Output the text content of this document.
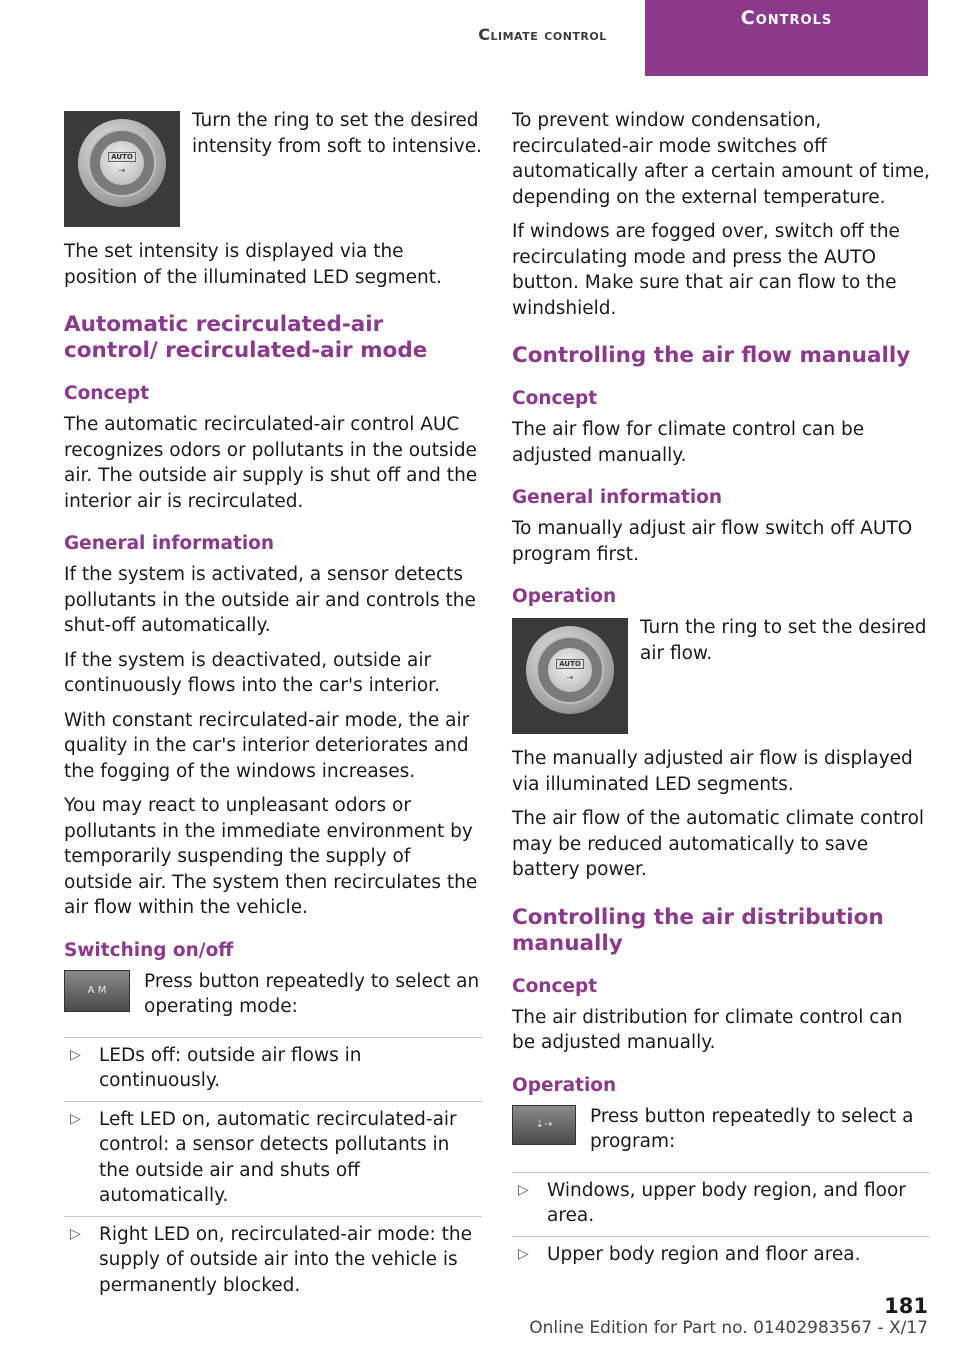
Climate control
Controls
AUTO
⇢

Turn the ring to set the desired intensity from soft to intensive.

The set intensity is displayed via the position of the illuminated LED segment.

Automatic recirculated-air control/ recirculated-air mode
Concept

The automatic recirculated-air control AUC recognizes odors or pollutants in the outside air. The outside air supply is shut off and the interior air is recirculated.

General information

If the system is activated, a sensor detects pollutants in the outside air and controls the shut-off automatically.

If the system is deactivated, outside air continuously flows into the car's interior.

With constant recirculated-air mode, the air quality in the car's interior deteriorates and the fogging of the windows increases.

You may react to unpleasant odors or pollutants in the immediate environment by temporarily suspending the supply of outside air. The system then recirculates the air flow within the vehicle.

Switching on/off
A M Press button repeatedly to select an operating mode:

▷ LEDs off: outside air flows in continuously.
▷ Left LED on, automatic recirculated-air control: a sensor detects pollutants in the outside air and shuts off automatically.
▷ Right LED on, recirculated-air mode: the supply of outside air into the vehicle is permanently blocked.

To prevent window condensation, recirculated-air mode switches off automatically after a certain amount of time, depending on the external temperature.

If windows are fogged over, switch off the recirculating mode and press the AUTO button. Make sure that air can flow to the windshield.

Controlling the air flow manually
Concept

The air flow for climate control can be adjusted manually.

General information

To manually adjust air flow switch off AUTO program first.

Operation
AUTO
⇢

Turn the ring to set the desired air flow.

The manually adjusted air flow is displayed via illuminated LED segments.

The air flow of the automatic climate control may be reduced automatically to save battery power.

Controlling the air distribution manually
Concept

The air distribution for climate control can be adjusted manually.

Operation
⇣⇢ Press button repeatedly to select a program:

▷ Windows, upper body region, and floor area.
▷ Upper body region and floor area.
181
Online Edition for Part no. 01402983567 - X/17
